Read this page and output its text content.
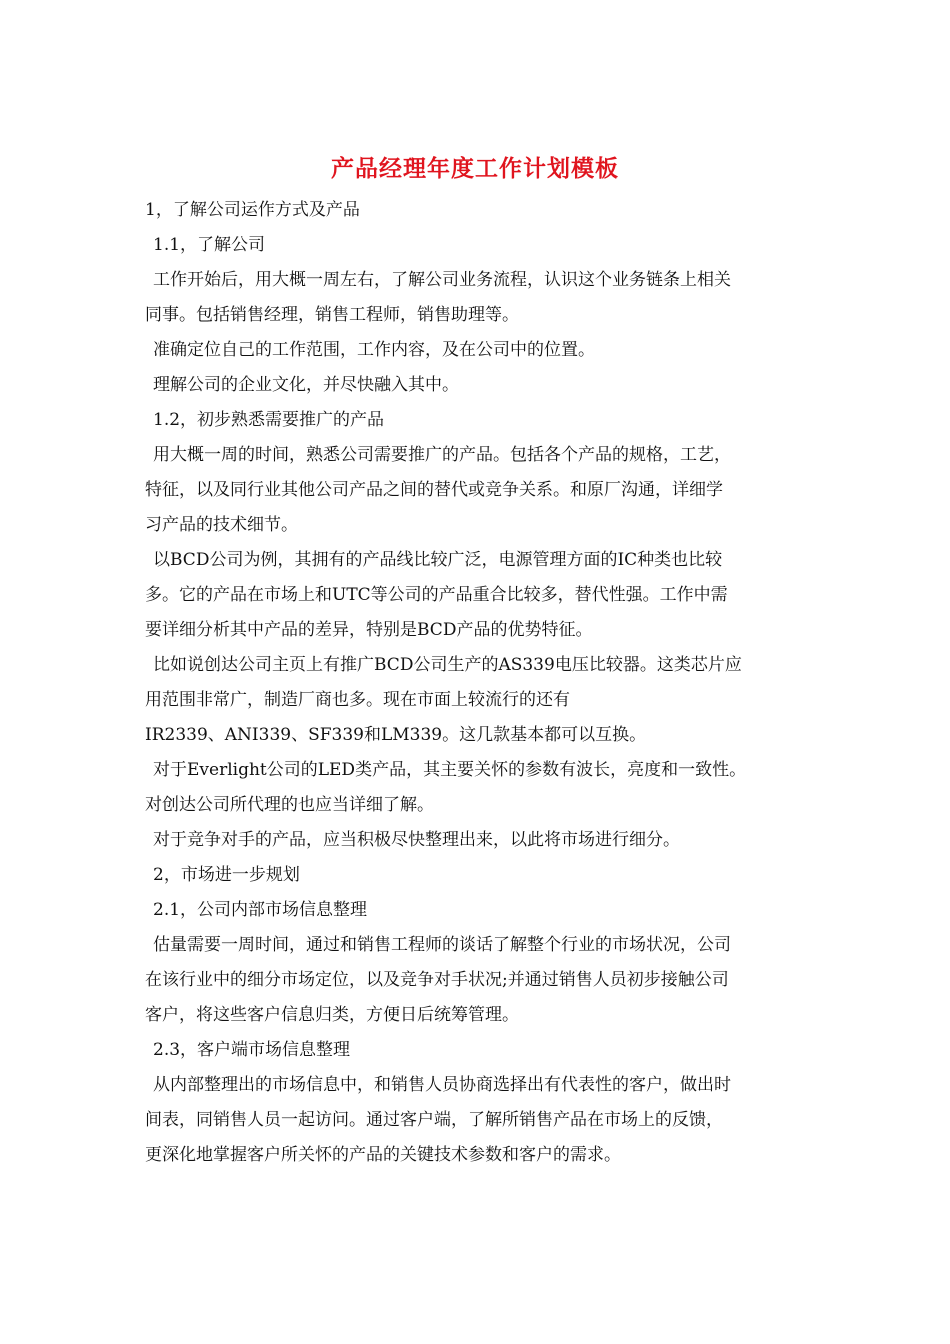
产品经理年度工作计划模板
1，了解公司运作方式及产品
1.1，了解公司
工作开始后，用大概一周左右，了解公司业务流程，认识这个业务链条上相关
同事。包括销售经理，销售工程师，销售助理等。
准确定位自己的工作范围，工作内容，及在公司中的位置。
理解公司的企业文化，并尽快融入其中。
1.2，初步熟悉需要推广的产品
用大概一周的时间，熟悉公司需要推广的产品。包括各个产品的规格，工艺，
特征，以及同行业其他公司产品之间的替代或竞争关系。和原厂沟通，详细学
习产品的技术细节。
以BCD公司为例，其拥有的产品线比较广泛，电源管理方面的IC种类也比较
多。它的产品在市场上和UTC等公司的产品重合比较多，替代性强。工作中需
要详细分析其中产品的差异，特别是BCD产品的优势特征。
比如说创达公司主页上有推广BCD公司生产的AS339电压比较器。这类芯片应
用范围非常广，制造厂商也多。现在市面上较流行的还有
IR2339、ANI339、SF339和LM339。这几款基本都可以互换。
对于Everlight公司的LED类产品，其主要关怀的参数有波长，亮度和一致性。
对创达公司所代理的也应当详细了解。
对于竞争对手的产品，应当积极尽快整理出来，以此将市场进行细分。
2，市场进一步规划
2.1，公司内部市场信息整理
估量需要一周时间，通过和销售工程师的谈话了解整个行业的市场状况，公司
在该行业中的细分市场定位，以及竞争对手状况;并通过销售人员初步接触公司
客户，将这些客户信息归类，方便日后统筹管理。
2.3，客户端市场信息整理
从内部整理出的市场信息中，和销售人员协商选择出有代表性的客户，做出时
间表，同销售人员一起访问。通过客户端，了解所销售产品在市场上的反馈，
更深化地掌握客户所关怀的产品的关键技术参数和客户的需求。
